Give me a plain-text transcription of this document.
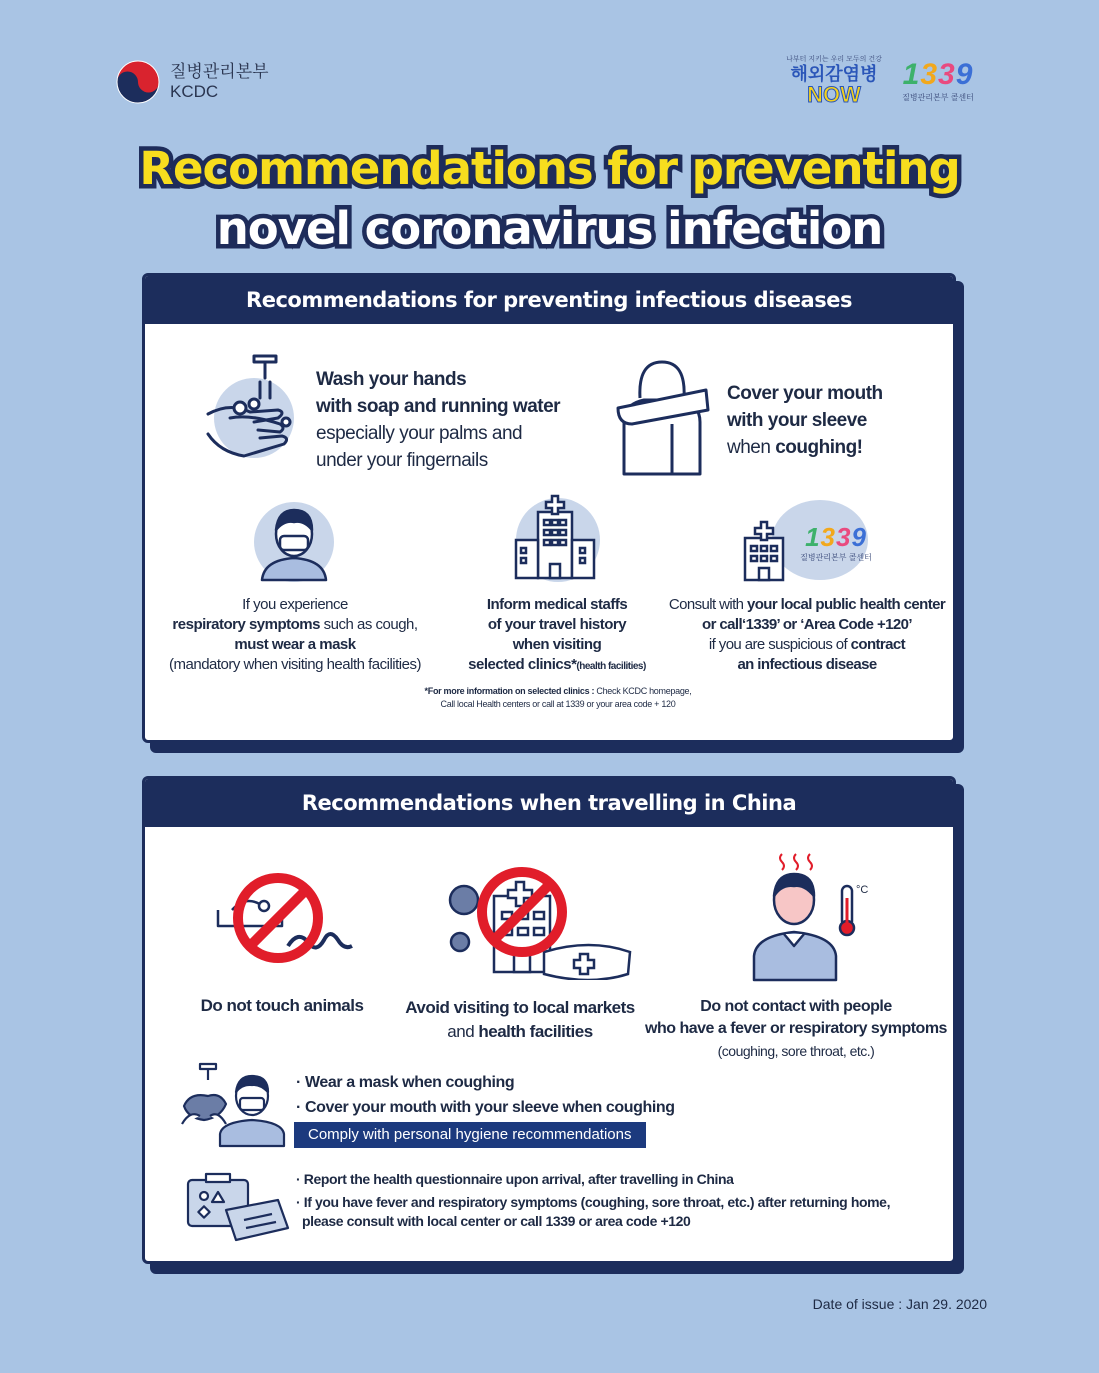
질병관리본부
KCDC
나부터 지키는 우리 모두의 건강
해외감염병
NOW
1339
질병관리본부 콜센터
Recommendations for preventing
novel coronavirus infection
Recommendations for preventing infectious diseases
Wash your hands
with soap and running water
especially your palms and
under your fingernails
Cover your mouth
with your sleeve
when coughing!
If you experience
respiratory symptoms such as cough,
must wear a mask
(mandatory when visiting health facilities)
Inform medical staffs
of your travel history
when visiting
selected clinics*(health facilities)
1339
질병관리본부 콜센터
Consult with your local public health center
or call‘1339’ or ‘Area Code +120’
if you are suspicious of contract
an infectious disease
*For more information on selected clinics : Check KCDC homepage,
Call local Health centers or call at 1339 or your area code + 120
Recommendations when travelling in China
Do not touch animals	Avoid visiting to local markets
and health facilities
°C
Do not contact with people
who have a fever or respiratory symptoms
(coughing, sore throat, etc.)
· Wear a mask when coughing
· Cover your mouth with your sleeve when coughing
Comply with personal hygiene recommendations
· Report the health questionnaire upon arrival, after travelling in China
· If you have fever and respiratory symptoms (coughing, sore throat, etc.) after returning home,
please consult with local center or call 1339 or area code +120
Date of issue : Jan 29. 2020
